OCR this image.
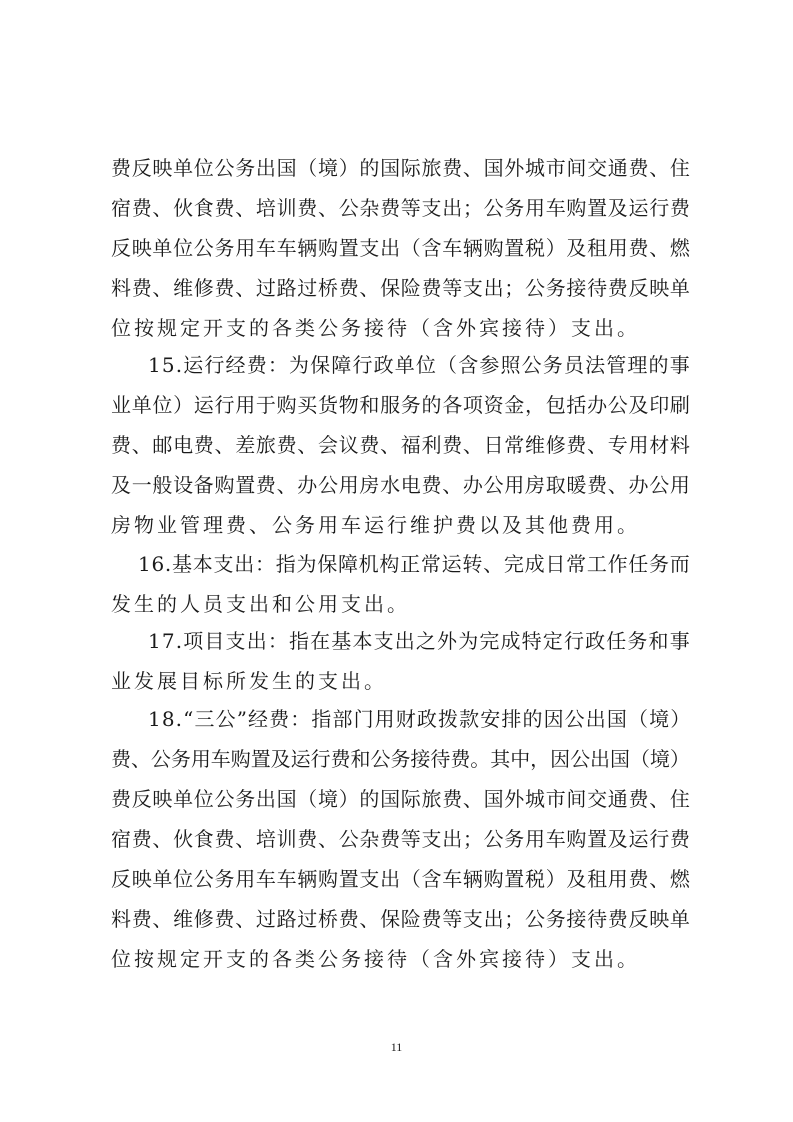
费反映单位公务出国（境）的国际旅费、国外城市间交通费、住
宿费、伙食费、培训费、公杂费等支出；公务用车购置及运行费
反映单位公务用车车辆购置支出（含车辆购置税）及租用费、燃
料费、维修费、过路过桥费、保险费等支出；公务接待费反映单
位按规定开支的各类公务接待（含外宾接待）支出。
15.运行经费：为保障行政单位（含参照公务员法管理的事
业单位）运行用于购买货物和服务的各项资金，包括办公及印刷
费、邮电费、差旅费、会议费、福利费、日常维修费、专用材料
及一般设备购置费、办公用房水电费、办公用房取暖费、办公用
房物业管理费、公务用车运行维护费以及其他费用。
16.基本支出：指为保障机构正常运转、完成日常工作任务而
发生的人员支出和公用支出。
17.项目支出：指在基本支出之外为完成特定行政任务和事
业发展目标所发生的支出。
18.“三公”经费：指部门用财政拨款安排的因公出国（境）
费、公务用车购置及运行费和公务接待费。其中，因公出国（境）
费反映单位公务出国（境）的国际旅费、国外城市间交通费、住
宿费、伙食费、培训费、公杂费等支出；公务用车购置及运行费
反映单位公务用车车辆购置支出（含车辆购置税）及租用费、燃
料费、维修费、过路过桥费、保险费等支出；公务接待费反映单
位按规定开支的各类公务接待（含外宾接待）支出。
11
